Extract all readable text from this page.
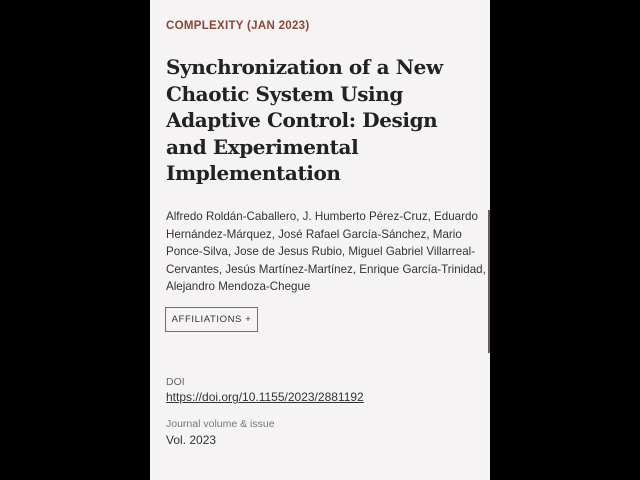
COMPLEXITY (JAN 2023)
Synchronization of a New Chaotic System Using Adaptive Control: Design and Experimental Implementation
Alfredo Roldán-Caballero, J. Humberto Pérez-Cruz, Eduardo Hernández-Márquez, José Rafael García-Sánchez, Mario Ponce-Silva, Jose de Jesus Rubio, Miguel Gabriel Villarreal-Cervantes, Jesús Martínez-Martínez, Enrique García-Trinidad, Alejandro Mendoza-Chegue
AFFILIATIONS +
DOI
https://doi.org/10.1155/2023/2881192
Journal volume & issue
Vol. 2023
